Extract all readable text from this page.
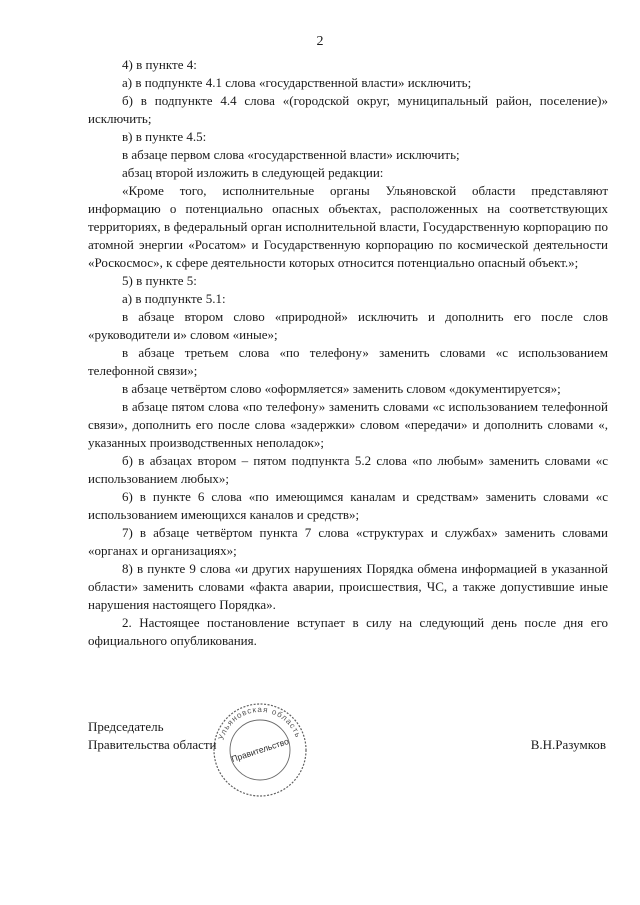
2

4) в пункте 4:

а) в подпункте 4.1 слова «государственной власти» исключить;

б) в подпункте 4.4 слова «(городской округ, муниципальный район, поселение)» исключить;

в) в пункте 4.5:

в абзаце первом слова «государственной власти» исключить;

абзац второй изложить в следующей редакции:

«Кроме того, исполнительные органы Ульяновской области представляют информацию о потенциально опасных объектах, расположенных на соответствующих территориях, в федеральный орган исполнительной власти, Государственную корпорацию по атомной энергии «Росатом» и Государственную корпорацию по космической деятельности «Роскосмос», к сфере деятельности которых относится потенциально опасный объект.»;

5) в пункте 5:

а) в подпункте 5.1:

в абзаце втором слово «природной» исключить и дополнить его после слов «руководители и» словом «иные»;

в абзаце третьем слова «по телефону» заменить словами «с использованием телефонной связи»;

в абзаце четвёртом слово «оформляется» заменить словом «документируется»;

в абзаце пятом слова «по телефону» заменить словами «с использованием телефонной связи», дополнить его после слова «задержки» словом «передачи» и дополнить словами «, указанных производственных неполадок»;

б) в абзацах втором – пятом подпункта 5.2 слова «по любым» заменить словами «с использованием любых»;

6) в пункте 6 слова «по имеющимся каналам и средствам» заменить словами «с использованием имеющихся каналов и средств»;

7) в абзаце четвёртом пункта 7 слова «структурах и службах» заменить словами «органах и организациях»;

8) в пункте 9 слова «и других нарушениях Порядка обмена информацией в указанной области» заменить словами «факта аварии, происшествия, ЧС, а также допустившие иные нарушения настоящего Порядка».

2. Настоящее постановление вступает в силу на следующий день после дня его официального опубликования.

Председатель
Правительства области	В.Н.Разумков
Ульяновская область
Правительство
